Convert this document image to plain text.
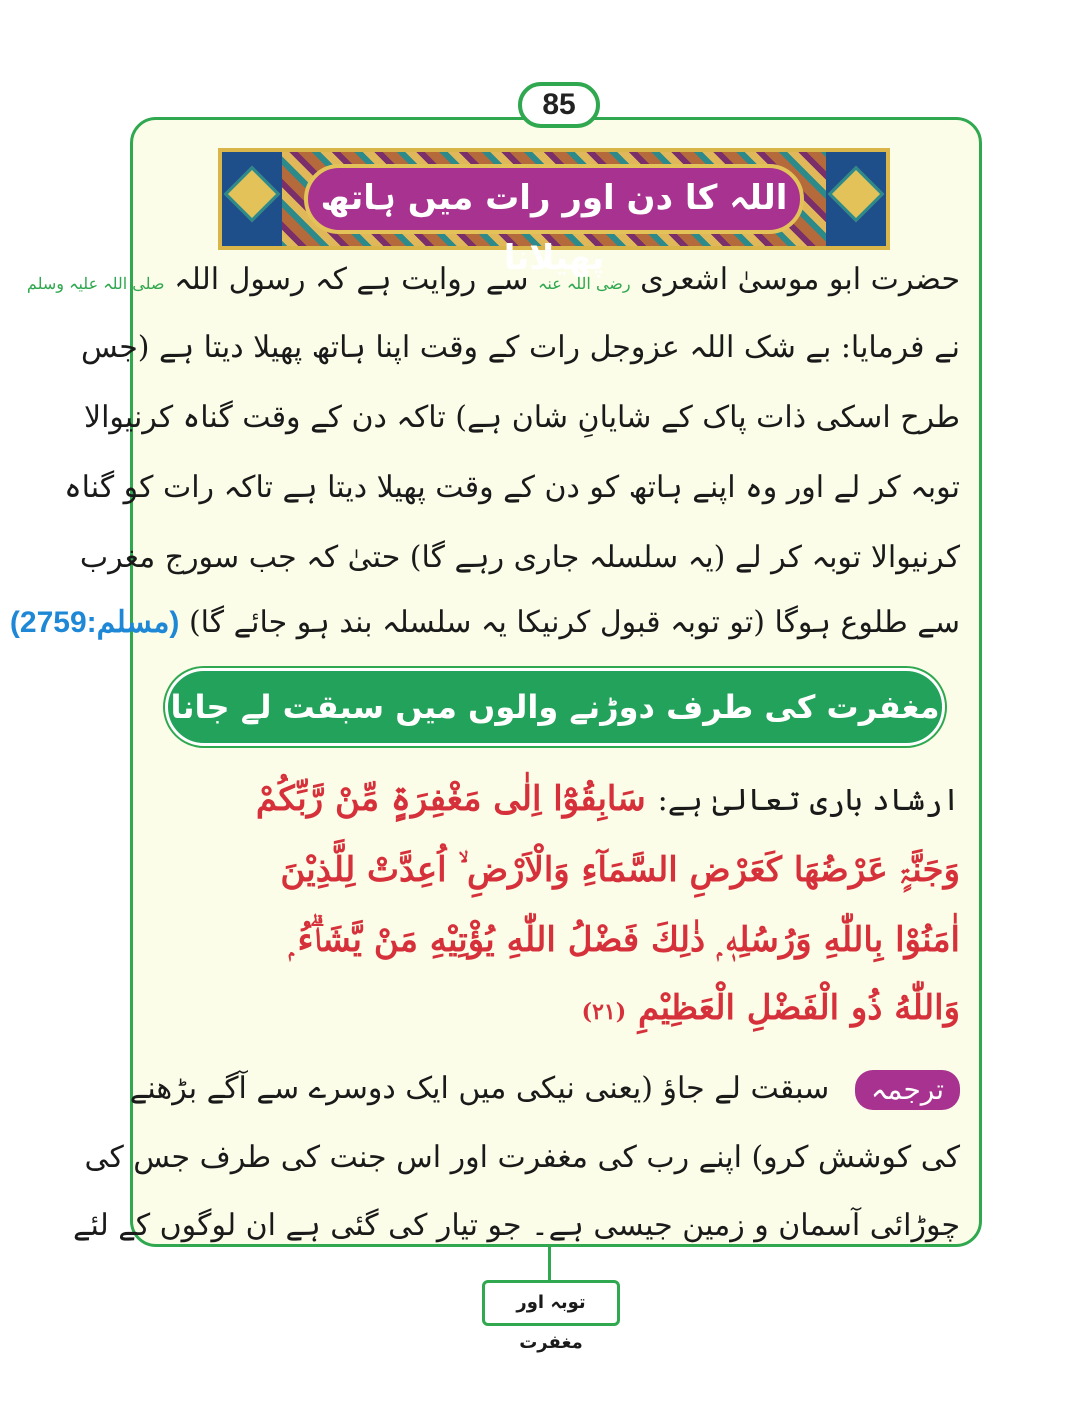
85
اللہ کا دن اور رات میں ہاتھ پھیلانا

حضرت ابو موسیٰ اشعری رضی اللہ عنہ سے روایت ہے کہ رسول اللہ صلی اللہ علیہ وسلم

نے فرمایا: بے شک اللہ عزوجل رات کے وقت اپنا ہاتھ پھیلا دیتا ہے (جس

طرح اسکی ذات پاک کے شایانِ شان ہے) تاکہ دن کے وقت گناہ کرنیوالا

توبہ کر لے اور وہ اپنے ہاتھ کو دن کے وقت پھیلا دیتا ہے تاکہ رات کو گناہ

کرنیوالا توبہ کر لے (یہ سلسلہ جاری رہے گا) حتیٰ کہ جب سورج مغرب

سے طلوع ہوگا (تو توبہ قبول کرنیکا یہ سلسلہ بند ہو جائے گا) (مسلم:2759)

مغفرت کی طرف دوڑنے والوں میں سبقت لے جانا

ارشاد باری تعالیٰ ہے: سَابِقُوْٓا اِلٰی مَغْفِرَۃٍ مِّنْ رَّبِّكُمْ

وَجَنَّۃٍ عَرْضُهَا كَعَرْضِ السَّمَآءِ وَالْاَرْضِ ۙ اُعِدَّتْ لِلَّذِيْنَ

اٰمَنُوْا بِاللّٰهِ وَرُسُلِهٖ ۭ ذٰلِكَ فَضْلُ اللّٰهِ يُؤْتِيْهِ مَنْ يَّشَاۗءُ ۭ

وَاللّٰهُ ذُو الْفَضْلِ الْعَظِيْمِ (٢١)

ترجمہ سبقت لے جاؤ (یعنی نیکی میں ایک دوسرے سے آگے بڑھنے

کی کوشش کرو) اپنے رب کی مغفرت اور اس جنت کی طرف جس کی

چوڑائی آسمان و زمین جیسی ہے۔ جو تیار کی گئی ہے ان لوگوں کے لئے

توبہ اور مغفرت
